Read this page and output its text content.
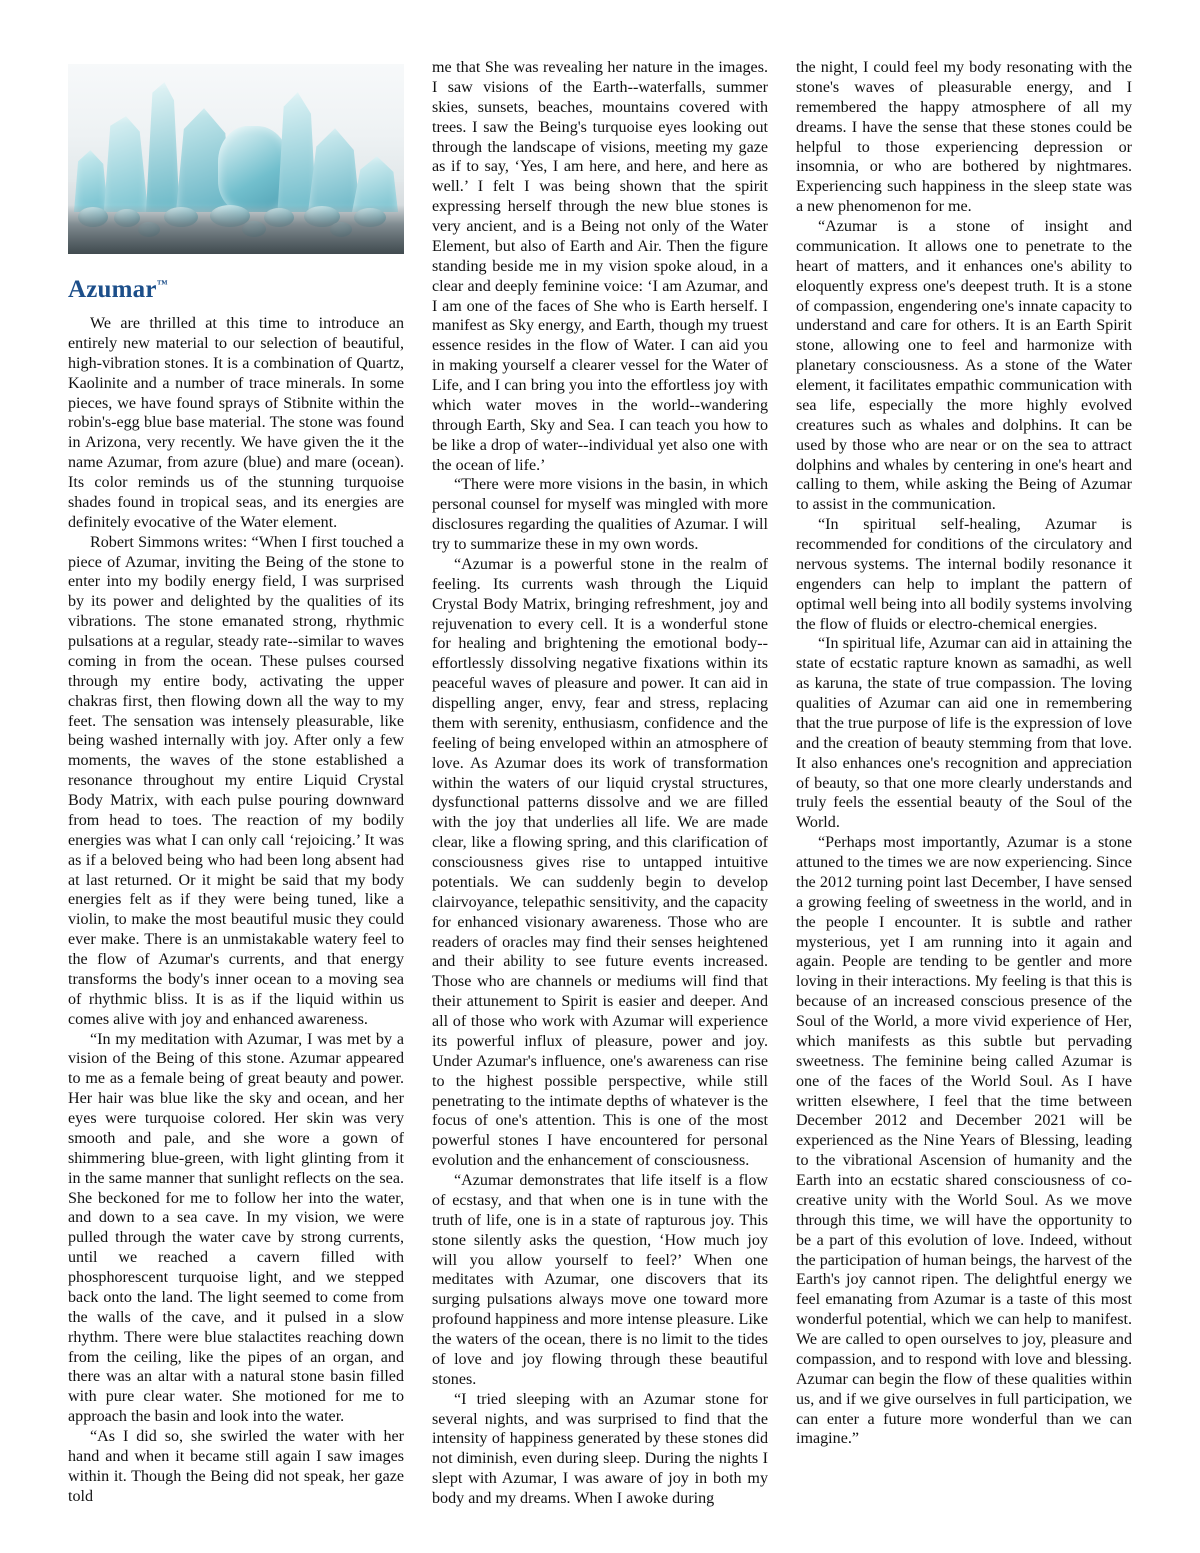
Azumar™

We are thrilled at this time to introduce an entirely new material to our selection of beautiful, high-vibration stones. It is a combination of Quartz, Kaolinite and a number of trace minerals. In some pieces, we have found sprays of Stibnite within the robin's-egg blue base material. The stone was found in Arizona, very recently. We have given the it the name Azumar, from azure (blue) and mare (ocean). Its color reminds us of the stunning turquoise shades found in tropical seas, and its energies are definitely evocative of the Water element.

Robert Simmons writes: “When I first touched a piece of Azumar, inviting the Being of the stone to enter into my bodily energy field, I was surprised by its power and delighted by the qualities of its vibrations. The stone emanated strong, rhythmic pulsations at a regular, steady rate--similar to waves coming in from the ocean. These pulses coursed through my entire body, activating the upper chakras first, then flowing down all the way to my feet. The sensation was intensely pleasurable, like being washed internally with joy. After only a few moments, the waves of the stone established a resonance throughout my entire Liquid Crystal Body Matrix, with each pulse pouring downward from head to toes. The reaction of my bodily energies was what I can only call ‘rejoicing.’ It was as if a beloved being who had been long absent had at last returned. Or it might be said that my body energies felt as if they were being tuned, like a violin, to make the most beautiful music they could ever make. There is an unmistakable watery feel to the flow of Azumar's currents, and that energy transforms the body's inner ocean to a moving sea of rhythmic bliss. It is as if the liquid within us comes alive with joy and enhanced awareness.

“In my meditation with Azumar, I was met by a vision of the Being of this stone. Azumar appeared to me as a female being of great beauty and power. Her hair was blue like the sky and ocean, and her eyes were turquoise colored. Her skin was very smooth and pale, and she wore a gown of shimmering blue-green, with light glinting from it in the same manner that sunlight reflects on the sea. She beckoned for me to follow her into the water, and down to a sea cave. In my vision, we were pulled through the water cave by strong currents, until we reached a cavern filled with phosphorescent turquoise light, and we stepped back onto the land. The light seemed to come from the walls of the cave, and it pulsed in a slow rhythm. There were blue stalactites reaching down from the ceiling, like the pipes of an organ, and there was an altar with a natural stone basin filled with pure clear water. She motioned for me to approach the basin and look into the water.

“As I did so, she swirled the water with her hand and when it became still again I saw images within it. Though the Being did not speak, her gaze told

me that She was revealing her nature in the images. I saw visions of the Earth--waterfalls, summer skies, sunsets, beaches, mountains covered with trees. I saw the Being's turquoise eyes looking out through the landscape of visions, meeting my gaze as if to say, ‘Yes, I am here, and here, and here as well.’ I felt I was being shown that the spirit expressing herself through the new blue stones is very ancient, and is a Being not only of the Water Element, but also of Earth and Air. Then the figure standing beside me in my vision spoke aloud, in a clear and deeply feminine voice: ‘I am Azumar, and I am one of the faces of She who is Earth herself. I manifest as Sky energy, and Earth, though my truest essence resides in the flow of Water. I can aid you in making yourself a clearer vessel for the Water of Life, and I can bring you into the effortless joy with which water moves in the world--wandering through Earth, Sky and Sea. I can teach you how to be like a drop of water--individual yet also one with the ocean of life.’

“There were more visions in the basin, in which personal counsel for myself was mingled with more disclosures regarding the qualities of Azumar. I will try to summarize these in my own words.

“Azumar is a powerful stone in the realm of feeling. Its currents wash through the Liquid Crystal Body Matrix, bringing refreshment, joy and rejuvenation to every cell. It is a wonderful stone for healing and brightening the emotional body--effortlessly dissolving negative fixations within its peaceful waves of pleasure and power. It can aid in dispelling anger, envy, fear and stress, replacing them with serenity, enthusiasm, confidence and the feeling of being enveloped within an atmosphere of love. As Azumar does its work of transformation within the waters of our liquid crystal structures, dysfunctional patterns dissolve and we are filled with the joy that underlies all life. We are made clear, like a flowing spring, and this clarification of consciousness gives rise to untapped intuitive potentials. We can suddenly begin to develop clairvoyance, telepathic sensitivity, and the capacity for enhanced visionary awareness. Those who are readers of oracles may find their senses heightened and their ability to see future events increased. Those who are channels or mediums will find that their attunement to Spirit is easier and deeper. And all of those who work with Azumar will experience its powerful influx of pleasure, power and joy. Under Azumar's influence, one's awareness can rise to the highest possible perspective, while still penetrating to the intimate depths of whatever is the focus of one's attention. This is one of the most powerful stones I have encountered for personal evolution and the enhancement of consciousness.

“Azumar demonstrates that life itself is a flow of ecstasy, and that when one is in tune with the truth of life, one is in a state of rapturous joy. This stone silently asks the question, ‘How much joy will you allow yourself to feel?’ When one meditates with Azumar, one discovers that its surging pulsations always move one toward more profound happiness and more intense pleasure. Like the waters of the ocean, there is no limit to the tides of love and joy flowing through these beautiful stones.

“I tried sleeping with an Azumar stone for several nights, and was surprised to find that the intensity of happiness generated by these stones did not diminish, even during sleep. During the nights I slept with Azumar, I was aware of joy in both my body and my dreams. When I awoke during

the night, I could feel my body resonating with the stone's waves of pleasurable energy, and I remembered the happy atmosphere of all my dreams. I have the sense that these stones could be helpful to those experiencing depression or insomnia, or who are bothered by nightmares. Experiencing such happiness in the sleep state was a new phenomenon for me.

“Azumar is a stone of insight and communication. It allows one to penetrate to the heart of matters, and it enhances one's ability to eloquently express one's deepest truth. It is a stone of compassion, engendering one's innate capacity to understand and care for others. It is an Earth Spirit stone, allowing one to feel and harmonize with planetary consciousness. As a stone of the Water element, it facilitates empathic communication with sea life, especially the more highly evolved creatures such as whales and dolphins. It can be used by those who are near or on the sea to attract dolphins and whales by centering in one's heart and calling to them, while asking the Being of Azumar to assist in the communication.

“In spiritual self-healing, Azumar is recommended for conditions of the circulatory and nervous systems. The internal bodily resonance it engenders can help to implant the pattern of optimal well being into all bodily systems involving the flow of fluids or electro-chemical energies.

“In spiritual life, Azumar can aid in attaining the state of ecstatic rapture known as samadhi, as well as karuna, the state of true compassion. The loving qualities of Azumar can aid one in remembering that the true purpose of life is the expression of love and the creation of beauty stemming from that love. It also enhances one's recognition and appreciation of beauty, so that one more clearly understands and truly feels the essential beauty of the Soul of the World.

“Perhaps most importantly, Azumar is a stone attuned to the times we are now experiencing. Since the 2012 turning point last December, I have sensed a growing feeling of sweetness in the world, and in the people I encounter. It is subtle and rather mysterious, yet I am running into it again and again. People are tending to be gentler and more loving in their interactions. My feeling is that this is because of an increased conscious presence of the Soul of the World, a more vivid experience of Her, which manifests as this subtle but pervading sweetness. The feminine being called Azumar is one of the faces of the World Soul. As I have written elsewhere, I feel that the time between December 2012 and December 2021 will be experienced as the Nine Years of Blessing, leading to the vibrational Ascension of humanity and the Earth into an ecstatic shared consciousness of co-creative unity with the World Soul. As we move through this time, we will have the opportunity to be a part of this evolution of love. Indeed, without the participation of human beings, the harvest of the Earth's joy cannot ripen. The delightful energy we feel emanating from Azumar is a taste of this most wonderful potential, which we can help to manifest. We are called to open ourselves to joy, pleasure and compassion, and to respond with love and blessing. Azumar can begin the flow of these qualities within us, and if we give ourselves in full participation, we can enter a future more wonderful than we can imagine.”
